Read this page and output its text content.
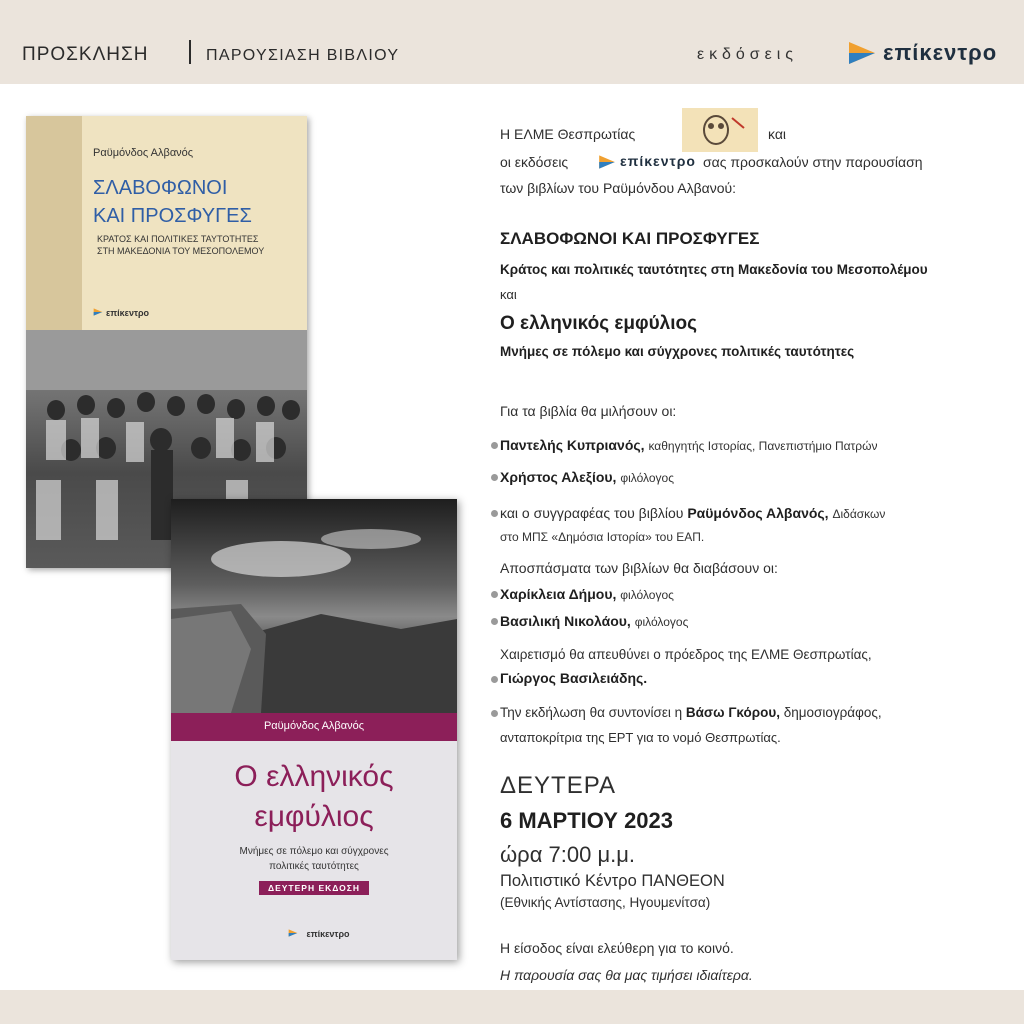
ΠΡΟΣΚΛΗΣΗ	ΠΑΡΟΥΣΙΑΣΗ ΒΙΒΛΙΟΥ	εκδόσεις	επίκεντρο
Ραϋμόνδος Αλβανός
ΣΛΑΒΟΦΩΝΟΙ
ΚΑΙ ΠΡΟΣΦΥΓΕΣ
ΚΡΑΤΟΣ ΚΑΙ ΠΟΛΙΤΙΚΕΣ ΤΑΥΤΟΤΗΤΕΣ
ΣΤΗ ΜΑΚΕΔΟΝΙΑ ΤΟΥ ΜΕΣΟΠΟΛΕΜΟΥ
επίκεντρο
Ραϋμόνδος Αλβανός
Ο ελληνικός
εμφύλιος
Μνήμες σε πόλεμο και σύγχρονες
πολιτικές ταυτότητες
ΔΕΥΤΕΡΗ ΕΚΔΟΣΗ
επίκεντρο
Η ΕΛΜΕ Θεσπρωτίας	και
οι εκδόσεις	επίκεντρο σας προσκαλούν στην παρουσίαση
των βιβλίων του Ραϋμόνδου Αλβανού:
ΣΛΑΒΟΦΩΝΟΙ ΚΑΙ ΠΡΟΣΦΥΓΕΣ
Κράτος και πολιτικές ταυτότητες στη Μακεδονία του Μεσοπολέμου
και
Ο ελληνικός εμφύλιος
Μνήμες σε πόλεμο και σύγχρονες πολιτικές ταυτότητες
Για τα βιβλία θα μιλήσουν οι:
Παντελής Κυπριανός, καθηγητής Ιστορίας, Πανεπιστήμιο Πατρών
Χρήστος Αλεξίου, φιλόλογος
και ο συγγραφέας του βιβλίου Ραϋμόνδος Αλβανός, Διδάσκων
στο ΜΠΣ «Δημόσια Ιστορία» του ΕΑΠ.
Αποσπάσματα των βιβλίων θα διαβάσουν οι:
Χαρίκλεια Δήμου, φιλόλογος
Βασιλική Νικολάου, φιλόλογος
Χαιρετισμό θα απευθύνει ο πρόεδρος της ΕΛΜΕ Θεσπρωτίας,
Γιώργος Βασιλειάδης.
Την εκδήλωση θα συντονίσει η Βάσω Γκόρου, δημοσιογράφος,
ανταποκρίτρια της ΕΡΤ για το νομό Θεσπρωτίας.
ΔΕΥΤΕΡΑ
6 ΜΑΡΤΙΟΥ 2023
ώρα 7:00 μ.μ.
Πολιτιστικό Κέντρο ΠΑΝΘΕΟΝ
(Εθνικής Αντίστασης, Ηγουμενίτσα)
Η είσοδος είναι ελεύθερη για το κοινό.
Η παρουσία σας θα μας τιμήσει ιδιαίτερα.
